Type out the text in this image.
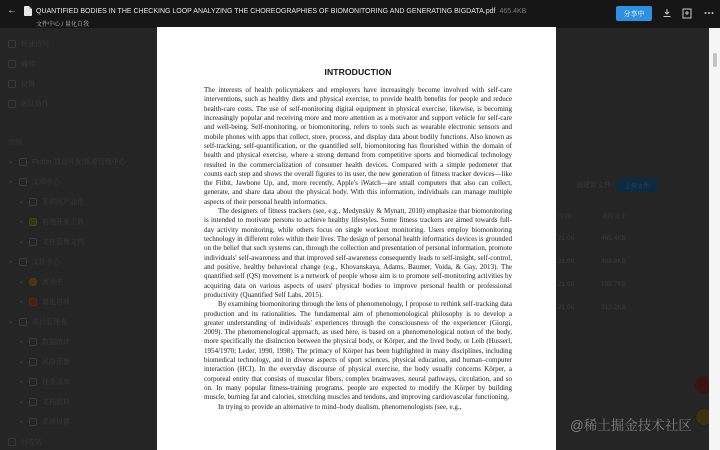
快速访问
通知
设置
团队协作
空间
Flutter 项目开发/资源管理中心
文章中心
互联网产品化
前端开发工具
文件管理文档
文件中心
阅读中
量化自我
项目管理表
数据统计
风险预警
任务清单
文档资料
系统设置
回收站
创建新文件	上传文件
时间	文件大小
21:00	465.4KB
21:00	303.8KB
21:00	198.7KB
21:00	313.2KB
←	QUANTIFIED BODIES IN THE CHECKING LOOP ANALYZING THE CHOREOGRAPHIES OF BIOMONITORING AND GENERATING BIGDATA.pdf 465.4KB
文件中心 / 量化自我
分享中
INTRODUCTION

The interests of health policymakers and employers have increasingly become involved with self-care interventions, such as healthy diets and physical exercise, to provide health benefits for people and reduce health-care costs. The use of self-monitoring digital equipment in physical exercise, likewise, is becoming increasingly popular and receiving more and more attention as a motivator and support vehicle for self-care and well-being. Self-monitoring, or biomonitoring, refers to tools such as wearable electronic sensors and mobile phones with apps that collect, store, process, and display data about bodily functions. Also known as self-tracking, self-quantification, or the quantified self, biomonitoring has flourished within the domain of health and physical exercise, where a strong demand from competitive sports and biomedical technology resulted in the commercialization of consumer health devices. Compared with a simple pedometer that counts each step and shows the overall figures to its user, the new generation of fitness tracker devices—like the Fitbit, Jawbone Up, and, more recently, Apple's iWatch—are small computers that also can collect, generate, and share data about the physical body. With this information, individuals can manage multiple aspects of their personal health informatics.

The designers of fitness trackers (see, e.g., Medynskiy & Mynatt, 2010) emphasize that biomonitoring is intended to motivate persons to achieve healthy lifestyles. Some fitness trackers are aimed towards full-day activity monitoring, while others focus on single workout monitoring. Users employ biomonitoring technology in different roles within their lives. The design of personal health informatics devices is grounded on the belief that such systems can, through the collection and presentation of personal information, promote individuals' self-awareness and that improved self-awareness consequently leads to self-insight, self-control, and positive, healthy behavioral change (e.g., Khovanskaya, Adams, Baumer, Voida, & Gay, 2013). The quantified self (QS) movement is a network of people whose aim is to promote self-monitoring activities by acquiring data on various aspects of users' physical bodies to improve personal health or professional productivity (Quantified Self Labs, 2015).

By examining biomonitoring through the lens of phenomenology, I propose to rethink self-tracking data production and its rationalities. The fundamental aim of phenomenological philosophy is to develop a greater understanding of individuals' experiences through the consciousness of the experiencer (Giorgi, 2009). The phenomenological approach, as used here, is based on a phenomenological notion of the body, more specifically the distinction between the physical body, or Körper, and the lived body, or Leib (Husserl, 1954/1970; Leder, 1990, 1998). The primacy of Körper has been highlighted in many disciplines, including biomedical technology, and in diverse aspects of sport sciences, physical education, and human–computer interaction (HCI). In the everyday discourse of physical exercise, the body usually concerns Körper, a corporeal entity that consists of muscular fibers, complex brainwaves, neural pathways, circulation, and so on. In many popular fitness-training programs, people are expected to modify the Körper by building muscle, burning fat and calories, stretching muscles and tendons, and improving cardiovascular functioning.

In trying to provide an alternative to mind–body dualism, phenomenologists (see, e.g.,

@稀土掘金技术社区
